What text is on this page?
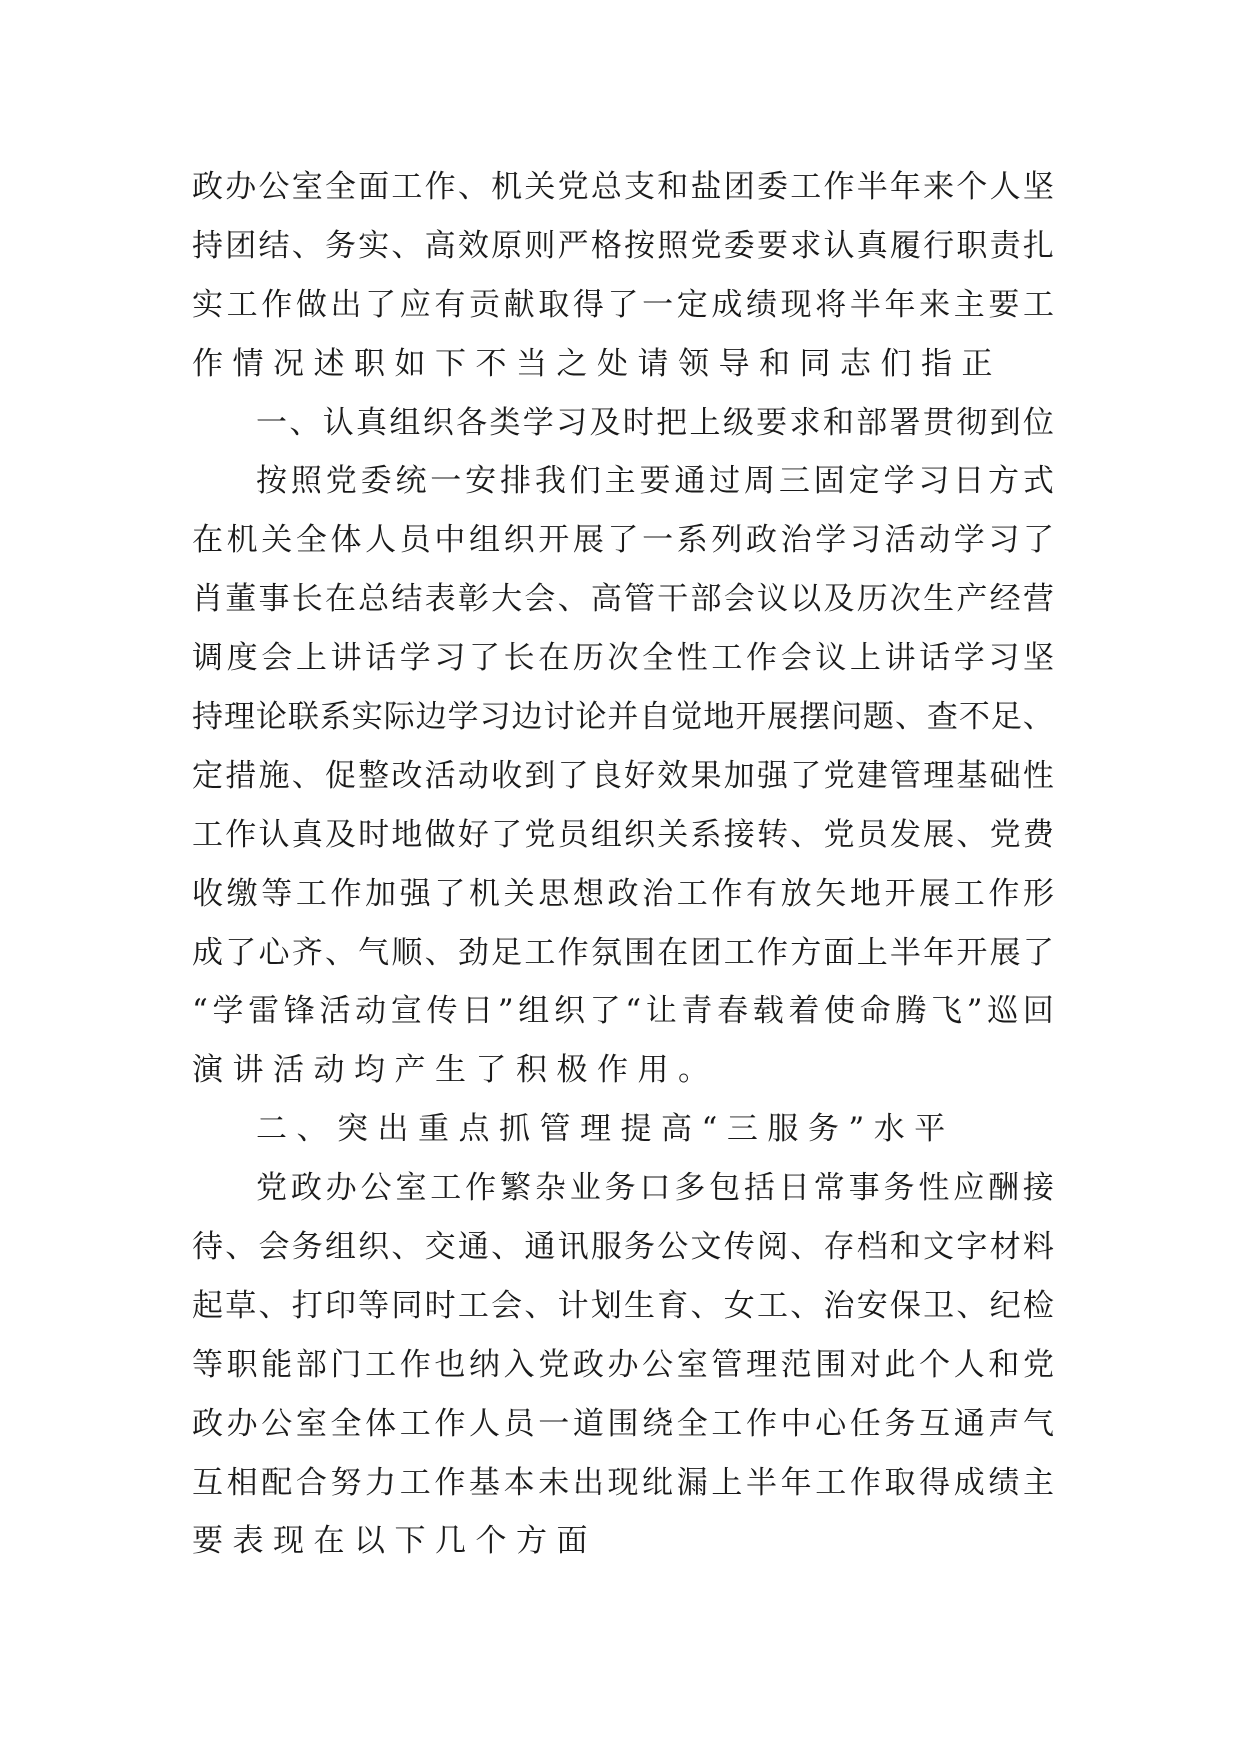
政 办 公 室 全 面 工 作 、 机 关 党 总 支 和 盐 团 委 工 作 半 年 来 个 人 坚
持 团 结 、 务 实 、 高 效 原 则 严 格 按 照 党 委 要 求 认 真 履 行 职 责 扎
实 工 作 做 出 了 应 有 贡 献 取 得 了 一 定 成 绩 现 将 半 年 来 主 要 工
作情况述职如下不当之处请领导和同志们指正
一 、 认 真 组 织 各 类 学 习 及 时 把 上 级 要 求 和 部 署 贯 彻 到 位
按 照 党 委 统 一 安 排 我 们 主 要 通 过 周 三 固 定 学 习 日 方 式
在 机 关 全 体 人 员 中 组 织 开 展 了 一 系 列 政 治 学 习 活 动 学 习 了
肖 董 事 长 在 总 结 表 彰 大 会 、 高 管 干 部 会 议 以 及 历 次 生 产 经 营
调 度 会 上 讲 话 学 习 了 长 在 历 次 全 性 工 作 会 议 上 讲 话 学 习 坚
持 理 论 联 系 实 际 边 学 习 边 讨 论 并 自 觉 地 开 展 摆 问 题 、 查 不 足 、
定 措 施 、 促 整 改 活 动 收 到 了 良 好 效 果 加 强 了 党 建 管 理 基 础 性
工 作 认 真 及 时 地 做 好 了 党 员 组 织 关 系 接 转 、 党 员 发 展 、 党 费
收 缴 等 工 作 加 强 了 机 关 思 想 政 治 工 作 有 放 矢 地 开 展 工 作 形
成 了 心 齐 、 气 顺 、 劲 足 工 作 氛 围 在 团 工 作 方 面 上 半 年 开 展 了
“ 学 雷 锋 活 动 宣 传 日 ” 组 织 了 “ 让 青 春 载 着 使 命 腾 飞 ” 巡 回
演讲活动均产生了积极作用。
二、突出重点抓管理提高“三服务”水平
党 政 办 公 室 工 作 繁 杂 业 务 口 多 包 括 日 常 事 务 性 应 酬 接
待 、 会 务 组 织 、 交 通 、 通 讯 服 务 公 文 传 阅 、 存 档 和 文 字 材 料
起 草 、 打 印 等 同 时 工 会 、 计 划 生 育 、 女 工 、 治 安 保 卫 、 纪 检
等 职 能 部 门 工 作 也 纳 入 党 政 办 公 室 管 理 范 围 对 此 个 人 和 党
政 办 公 室 全 体 工 作 人 员 一 道 围 绕 全 工 作 中 心 任 务 互 通 声 气
互 相 配 合 努 力 工 作 基 本 未 出 现 纰 漏 上 半 年 工 作 取 得 成 绩 主
要表现在以下几个方面
